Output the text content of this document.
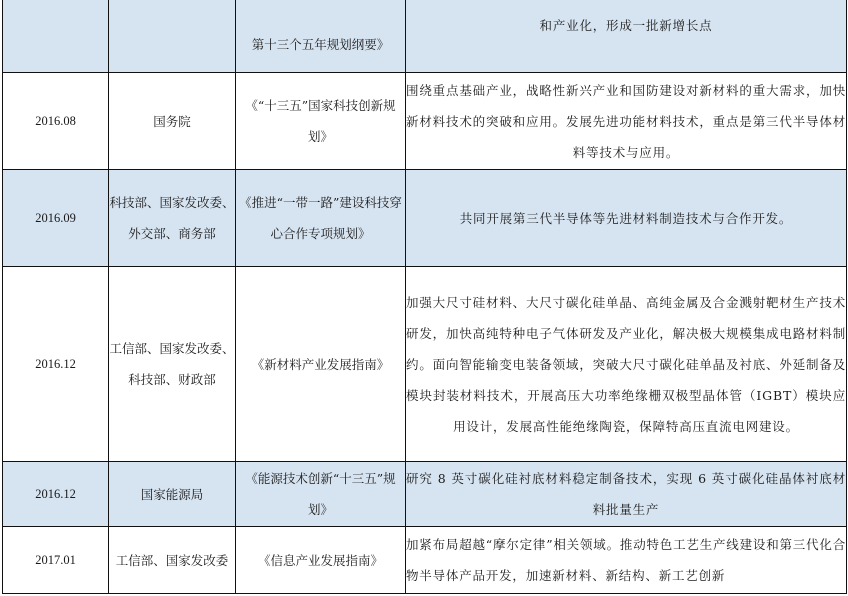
		第十三个五年规划纲要》	和产业化，形成一批新增长点
2016.08	国务院	《“十三五”国家科技创新规划》	围绕重点基础产业，战略性新兴产业和国防建设对新材料的重大需求，加快新材料技术的突破和应用。发展先进功能材料技术，重点是第三代半导体材料等技术与应用。
2016.09	科技部、国家发改委、外交部、商务部	《推进“一带一路”建设科技穿心合作专项规划》	共同开展第三代半导体等先进材料制造技术与合作开发。
2016.12	工信部、国家发改委、科技部、财政部	《新材料产业发展指南》	加强大尺寸硅材料、大尺寸碳化硅单晶、高纯金属及合金溅射靶材生产技术研发，加快高纯特种电子气体研发及产业化，解决极大规模集成电路材料制约。面向智能输变电装备领域，突破大尺寸碳化硅单晶及衬底、外延制备及模块封装材料技术，开展高压大功率绝缘栅双极型晶体管（IGBT）模块应用设计，发展高性能绝缘陶瓷，保障特高压直流电网建设。
2016.12	国家能源局	《能源技术创新“十三五”规划》	研究 8 英寸碳化硅衬底材料稳定制备技术，实现 6 英寸碳化硅晶体衬底材料批量生产
2017.01	工信部、国家发改委	《信息产业发展指南》	加紧布局超越“摩尔定律”相关领域。推动特色工艺生产线建设和第三代化合物半导体产品开发，加速新材料、新结构、新工艺创新
